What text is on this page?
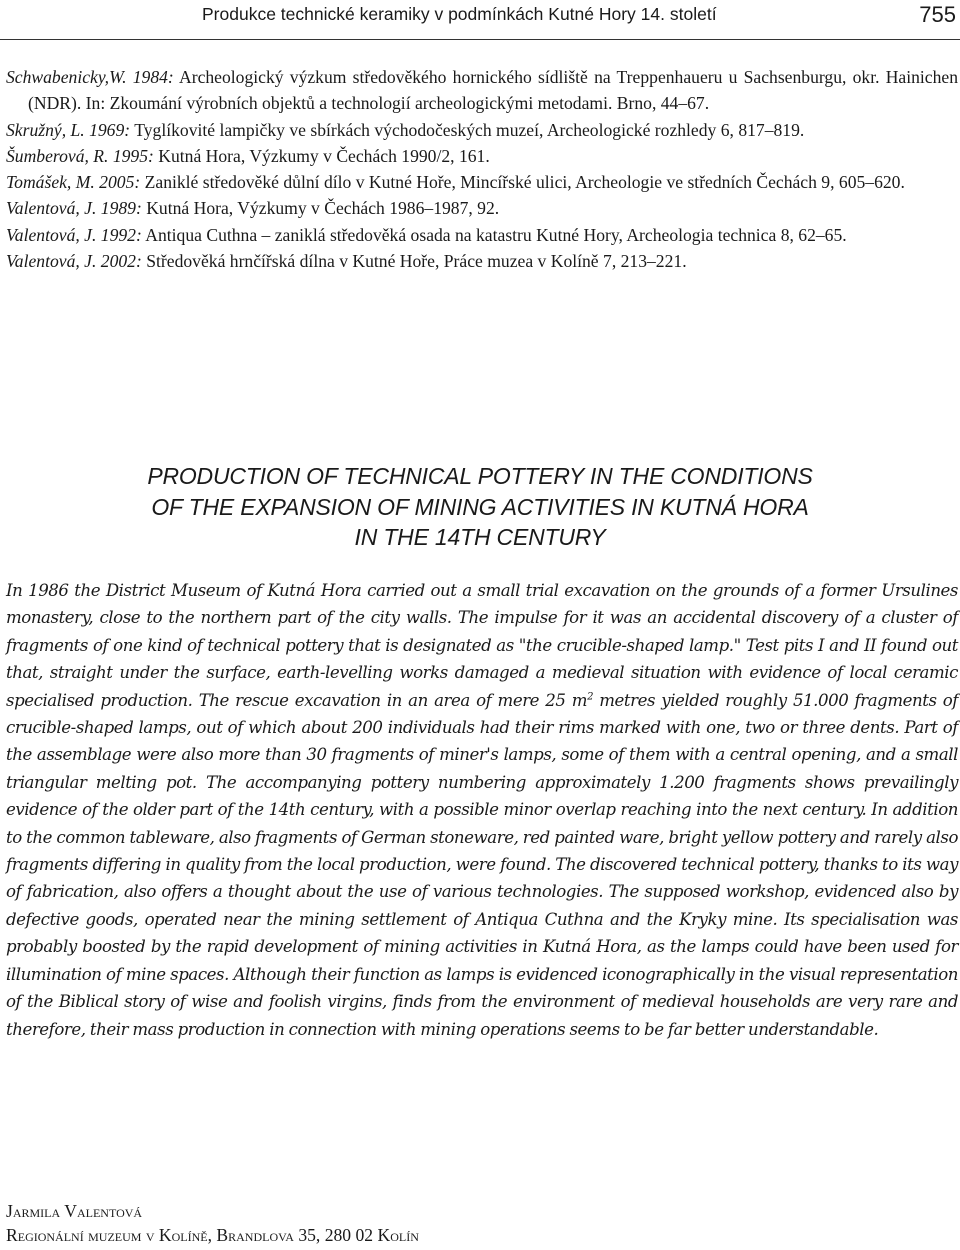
Produkce technické keramiky v podmínkách Kutné Hory 14. století	755

Schwabenicky,W. 1984: Archeologický výzkum středověkého hornického sídliště na Treppenhaueru u Sachsenburgu, okr. Hainichen (NDR). In: Zkoumání výrobních objektů a technologií archeologickými metodami. Brno, 44–67.

Skružný, L. 1969: Tyglíkovité lampičky ve sbírkách východočeských muzeí, Archeologické rozhledy 6, 817–819.

Šumberová, R. 1995: Kutná Hora, Výzkumy v Čechách 1990/2, 161.

Tomášek, M. 2005: Zaniklé středověké důlní dílo v Kutné Hoře, Mincířské ulici, Archeologie ve středních Čechách 9, 605–620.

Valentová, J. 1989: Kutná Hora, Výzkumy v Čechách 1986–1987, 92.

Valentová, J. 1992: Antiqua Cuthna – zaniklá středověká osada na katastru Kutné Hory, Archeologia technica 8, 62–65.

Valentová, J. 2002: Středověká hrnčířská dílna v Kutné Hoře, Práce muzea v Kolíně 7, 213–221.

PRODUCTION OF TECHNICAL POTTERY IN THE CONDITIONS
OF THE EXPANSION OF MINING ACTIVITIES IN KUTNÁ HORA
IN THE 14TH CENTURY

In 1986 the District Museum of Kutná Hora carried out a small trial excavation on the grounds of a former Ursulines monastery, close to the northern part of the city walls. The impulse for it was an accidental discovery of a cluster of fragments of one kind of technical pottery that is designated as "the crucible-shaped lamp." Test pits I and II found out that, straight under the surface, earth-levelling works damaged a medieval situation with evidence of local ceramic specialised production. The rescue excavation in an area of mere 25 $m^2$ metres yielded roughly 51.000 fragments of crucible-shaped lamps, out of which about 200 individuals had their rims marked with one, two or three dents. Part of the assemblage were also more than 30 fragments of miner's lamps, some of them with a central opening, and a small triangular melting pot. The accompanying pottery numbering approximately 1.200 fragments shows prevailingly evidence of the older part of the 14th century, with a possible minor overlap reaching into the next century. In addition to the common tableware, also fragments of German stoneware, red painted ware, bright yellow pottery and rarely also fragments differing in quality from the local production, were found. The discovered technical pottery, thanks to its way of fabrication, also offers a thought about the use of various technologies. The supposed workshop, evidenced also by defective goods, operated near the mining settlement of Antiqua Cuthna and the Kryky mine. Its specialisation was probably boosted by the rapid development of mining activities in Kutná Hora, as the lamps could have been used for illumination of mine spaces. Although their function as lamps is evidenced iconographically in the visual representation of the Biblical story of wise and foolish virgins, finds from the environment of medieval households are very rare and therefore, their mass production in connection with mining operations seems to be far better understandable.

Jarmila Valentová
Regionální muzeum v Kolíně, Brandlova 35, 280 02 Kolín
